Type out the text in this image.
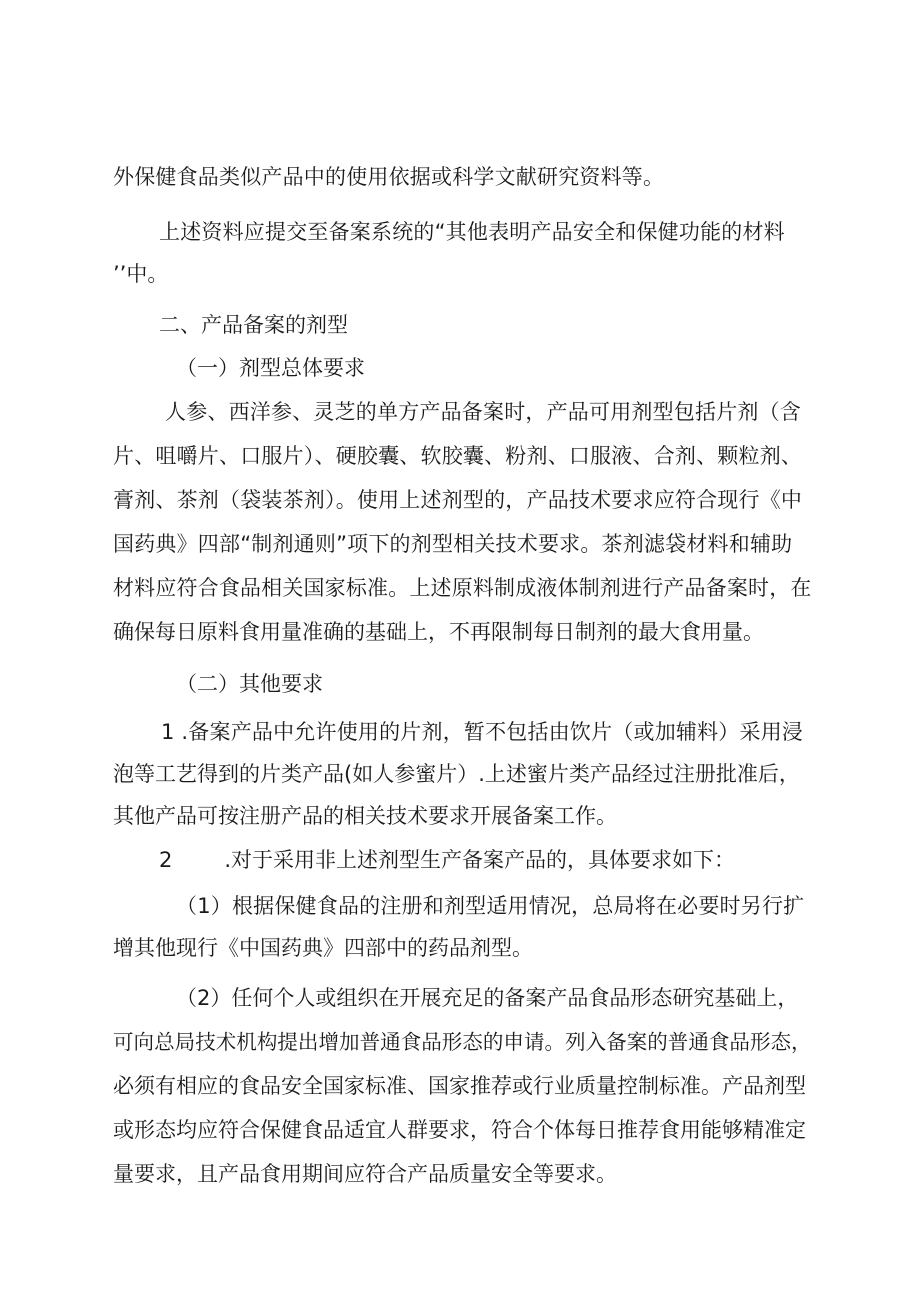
外保健食品类似产品中的使用依据或科学文献研究资料等。
上述资料应提交至备案系统的“其他表明产品安全和保健功能的材料
’’中。
二、产品备案的剂型
（一）剂型总体要求
人参、西洋参、灵芝的单方产品备案时，产品可用剂型包括片剂（含
片、咀嚼片、口服片）、硬胶囊、软胶囊、粉剂、口服液、合剂、颗粒剂、
膏剂、茶剂（袋装茶剂）。使用上述剂型的，产品技术要求应符合现行《中
国药典》四部“制剂通则”项下的剂型相关技术要求。茶剂滤袋材料和辅助
材料应符合食品相关国家标准。上述原料制成液体制剂进行产品备案时，在
确保每日原料食用量准确的基础上，不再限制每日制剂的最大食用量。
（二）其他要求
1 .备案产品中允许使用的片剂，暂不包括由饮片（或加辅料）采用浸
泡等工艺得到的片类产品(如人参蜜片）.上述蜜片类产品经过注册批准后，
其他产品可按注册产品的相关技术要求开展备案工作。
2 .对于采用非上述剂型生产备案产品的，具体要求如下：
（1）根据保健食品的注册和剂型适用情况，总局将在必要时另行扩
增其他现行《中国药典》四部中的药品剂型。
（2）任何个人或组织在开展充足的备案产品食品形态研究基础上，
可向总局技术机构提出增加普通食品形态的申请。列入备案的普通食品形态，
必须有相应的食品安全国家标准、国家推荐或行业质量控制标准。产品剂型
或形态均应符合保健食品适宜人群要求，符合个体每日推荐食用能够精准定
量要求，且产品食用期间应符合产品质量安全等要求。
